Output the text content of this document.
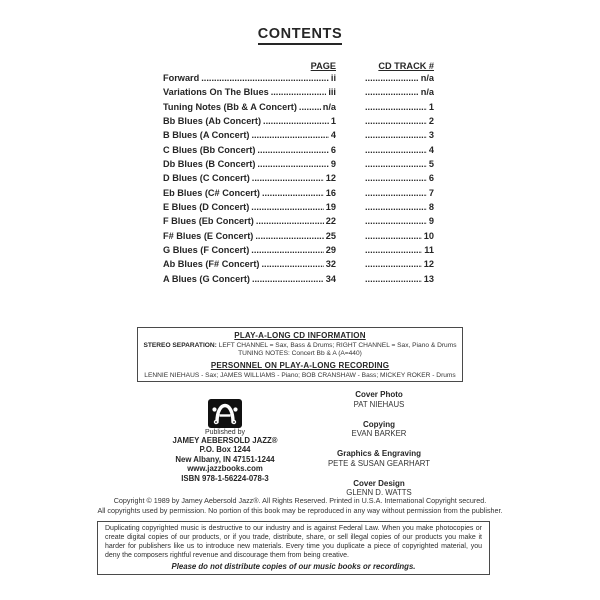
CONTENTS
PAGE	CD TRACK #
Forward .....	ii .....	n/a
Variations On The Blues .....	iii .....	n/a
Tuning Notes (Bb & A Concert) .....	n/a .....	1
Bb Blues (Ab Concert) .....	1 .....	2
B Blues (A Concert) .....	4 .....	3
C Blues (Bb Concert) .....	6 .....	4
Db Blues (B Concert) .....	9 .....	5
D Blues (C Concert) .....	12 .....	6
Eb Blues (C# Concert) .....	16 .....	7
E Blues (D Concert) .....	19 .....	8
F Blues (Eb Concert) .....	22 .....	9
F# Blues (E Concert) .....	25 .....	10
G Blues (F Concert) .....	29 .....	11
Ab Blues (F# Concert) .....	32 .....	12
A Blues (G Concert) .....	34 .....	13
PLAY-A-LONG CD INFORMATION
STEREO SEPARATION: LEFT CHANNEL = Sax, Bass & Drums; RIGHT CHANNEL = Sax, Piano & Drums
TUNING NOTES: Concert Bb & A (A=440)
PERSONNEL ON PLAY-A-LONG RECORDING
LENNIE NIEHAUS - Sax; JAMES WILLIAMS - Piano; BOB CRANSHAW - Bass; MICKEY ROKER - Drums
Published by
JAMEY AEBERSOLD JAZZ®
P.O. Box 1244
New Albany, IN 47151-1244
www.jazzbooks.com
ISBN 978-1-56224-078-3
Cover Photo
PAT NIEHAUS
Copying
EVAN BARKER
Graphics & Engraving
PETE & SUSAN GEARHART
Cover Design
GLENN D. WATTS
Copyright © 1989 by Jamey Aebersold Jazz®. All Rights Reserved. Printed in U.S.A. International Copyright secured.
All copyrights used by permission. No portion of this book may be reproduced in any way without permission from the publisher.
Duplicating copyrighted music is destructive to our industry and is against Federal Law. When you make photocopies or create digital copies of our products, or if you trade, distribute, share, or sell illegal copies of our products you make it harder for publishers like us to introduce new materials. Every time you duplicate a piece of copyrighted material, you deny the composers rightful revenue and discourage them from being creative.
Please do not distribute copies of our music books or recordings.
